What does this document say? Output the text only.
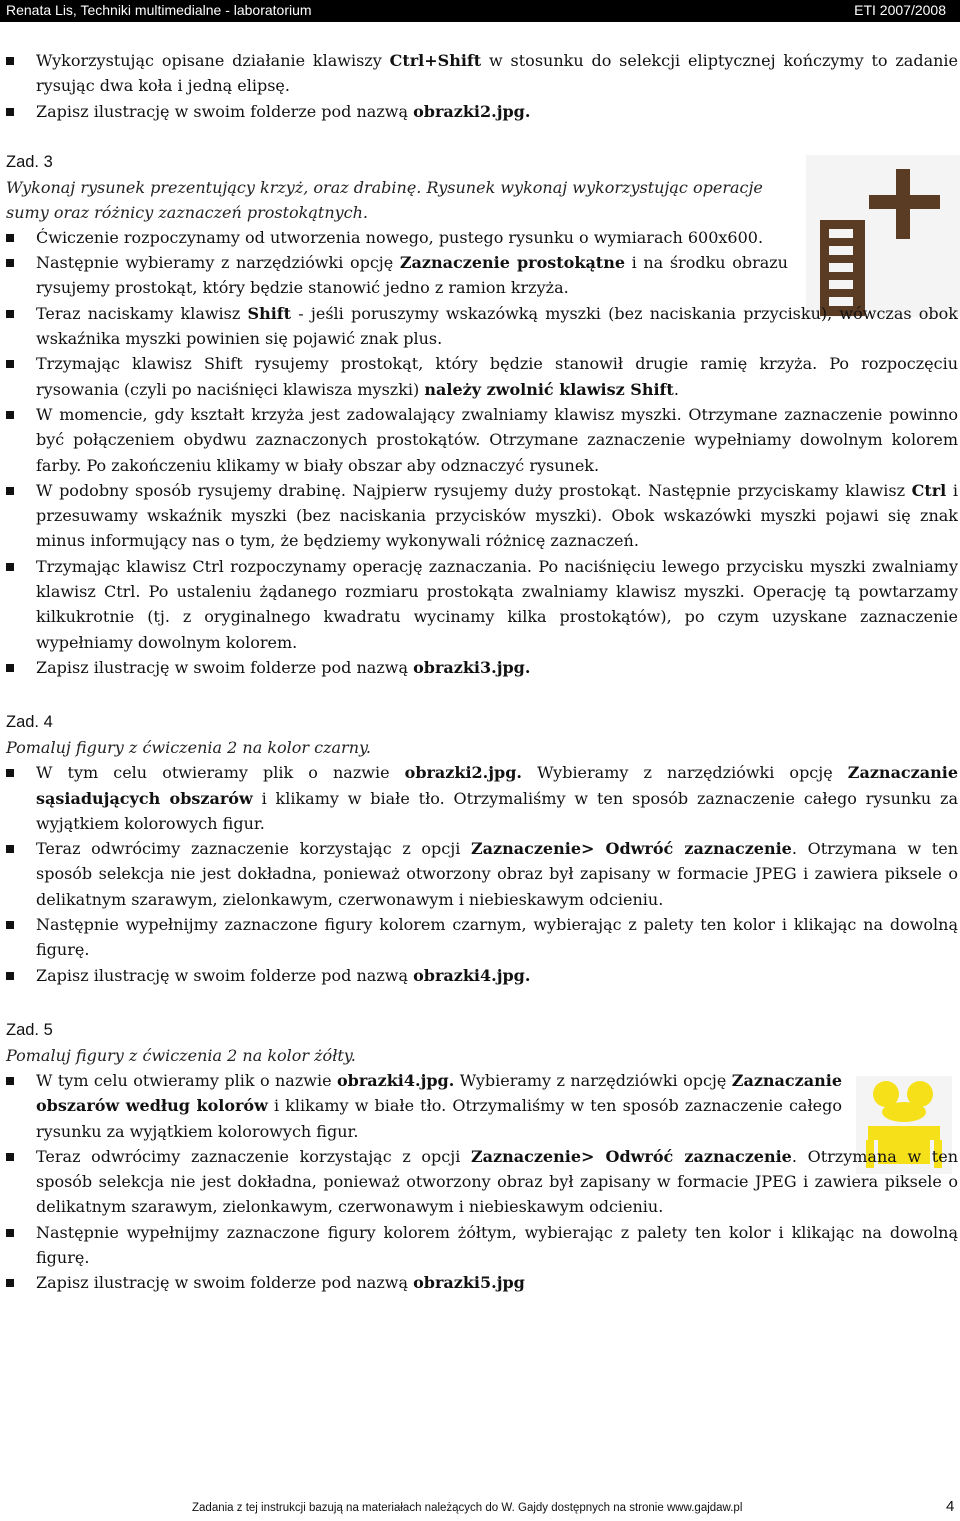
Renata Lis, Techniki multimedialne - laboratorium	ETI 2007/2008
Wykorzystując opisane działanie klawiszy Ctrl+Shift w stosunku do selekcji eliptycznej kończymy to zadanie rysując dwa koła i jedną elipsę.
Zapisz ilustrację w swoim folderze pod nazwą obrazki2.jpg.
Zad. 3
Wykonaj rysunek prezentujący krzyż, oraz drabinę. Rysunek wykonaj wykorzystując operacje sumy oraz różnicy zaznaczeń prostokątnych.
Ćwiczenie rozpoczynamy od utworzenia nowego, pustego rysunku o wymiarach 600x600.
Następnie wybieramy z narzędziówki opcję Zaznaczenie prostokątne i na środku obrazu rysujemy prostokąt, który będzie stanowić jedno z ramion krzyża.
Teraz naciskamy klawisz Shift - jeśli poruszymy wskazówką myszki (bez naciskania przycisku), wówczas obok wskaźnika myszki powinien się pojawić znak plus.
Trzymając klawisz Shift rysujemy prostokąt, który będzie stanowił drugie ramię krzyża. Po rozpoczęciu rysowania (czyli po naciśnięci klawisza myszki) należy zwolnić klawisz Shift.
W momencie, gdy kształt krzyża jest zadowalający zwalniamy klawisz myszki. Otrzymane zaznaczenie powinno być połączeniem obydwu zaznaczonych prostokątów. Otrzymane zaznaczenie wypełniamy dowolnym kolorem farby. Po zakończeniu klikamy w biały obszar aby odznaczyć rysunek.
W podobny sposób rysujemy drabinę. Najpierw rysujemy duży prostokąt. Następnie przyciskamy klawisz Ctrl i przesuwamy wskaźnik myszki (bez naciskania przycisków myszki). Obok wskazówki myszki pojawi się znak minus informujący nas o tym, że będziemy wykonywali różnicę zaznaczeń.
Trzymając klawisz Ctrl rozpoczynamy operację zaznaczania. Po naciśnięciu lewego przycisku myszki zwalniamy klawisz Ctrl. Po ustaleniu żądanego rozmiaru prostokąta zwalniamy klawisz myszki. Operację tą powtarzamy kilkukrotnie (tj. z oryginalnego kwadratu wycinamy kilka prostokątów), po czym uzyskane zaznaczenie wypełniamy dowolnym kolorem.
Zapisz ilustrację w swoim folderze pod nazwą obrazki3.jpg.
Zad. 4
Pomaluj figury z ćwiczenia 2 na kolor czarny.
W tym celu otwieramy plik o nazwie obrazki2.jpg. Wybieramy z narzędziówki opcję Zaznaczanie sąsiadujących obszarów i klikamy w białe tło. Otrzymaliśmy w ten sposób zaznaczenie całego rysunku za wyjątkiem kolorowych figur.
Teraz odwrócimy zaznaczenie korzystając z opcji Zaznaczenie> Odwróć zaznaczenie. Otrzymana w ten sposób selekcja nie jest dokładna, ponieważ otworzony obraz był zapisany w formacie JPEG i zawiera piksele o delikatnym szarawym, zielonkawym, czerwonawym i niebieskawym odcieniu.
Następnie wypełnijmy zaznaczone figury kolorem czarnym, wybierając z palety ten kolor i klikając na dowolną figurę.
Zapisz ilustrację w swoim folderze pod nazwą obrazki4.jpg.
Zad. 5
Pomaluj figury z ćwiczenia 2 na kolor żółty.
W tym celu otwieramy plik o nazwie obrazki4.jpg. Wybieramy z narzędziówki opcję Zaznaczanie obszarów według kolorów i klikamy w białe tło. Otrzymaliśmy w ten sposób zaznaczenie całego rysunku za wyjątkiem kolorowych figur.
Teraz odwrócimy zaznaczenie korzystając z opcji Zaznaczenie> Odwróć zaznaczenie. Otrzymana w ten sposób selekcja nie jest dokładna, ponieważ otworzony obraz był zapisany w formacie JPEG i zawiera piksele o delikatnym szarawym, zielonkawym, czerwonawym i niebieskawym odcieniu.
Następnie wypełnijmy zaznaczone figury kolorem żółtym, wybierając z palety ten kolor i klikając na dowolną figurę.
Zapisz ilustrację w swoim folderze pod nazwą obrazki5.jpg
Zadania z tej instrukcji bazują na materiałach należących do W. Gajdy dostępnych na stronie www.gajdaw.pl	4
